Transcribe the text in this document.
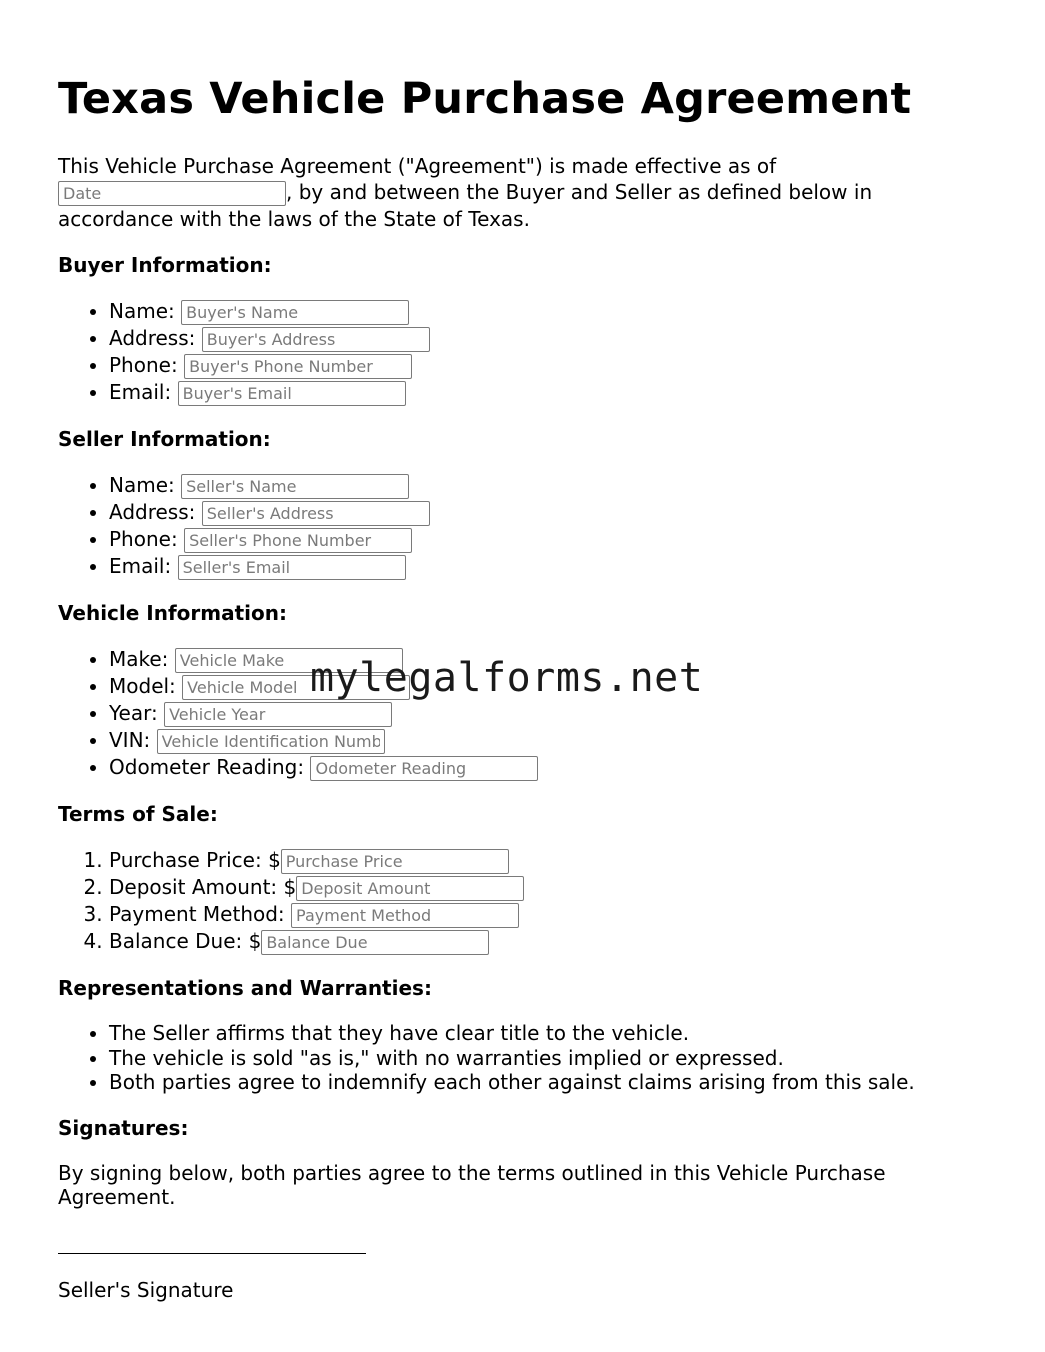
Texas Vehicle Purchase Agreement

This Vehicle Purchase Agreement ("Agreement") is made effective as of
Date, by and between the Buyer and Seller as defined below in accordance with the laws of the State of Texas.

Buyer Information:
• Name: Buyer's Name
• Address: Buyer's Address
• Phone: Buyer's Phone Number
• Email: Buyer's Email
Seller Information:
• Name: Seller's Name
• Address: Seller's Address
• Phone: Seller's Phone Number
• Email: Seller's Email
Vehicle Information:
• Make: Vehicle Make
• Model: Vehicle Model
• Year: Vehicle Year
• VIN: Vehicle Identification Number
• Odometer Reading: Odometer Reading
Terms of Sale:
1. Purchase Price: $Purchase Price
2. Deposit Amount: $Deposit Amount
3. Payment Method: Payment Method
4. Balance Due: $Balance Due
Representations and Warranties:
• The Seller affirms that they have clear title to the vehicle.
• The vehicle is sold "as is," with no warranties implied or expressed.
• Both parties agree to indemnify each other against claims arising from this sale.
Signatures:

By signing below, both parties agree to the terms outlined in this Vehicle Purchase Agreement.

Seller's Signature

mylegalforms.net
